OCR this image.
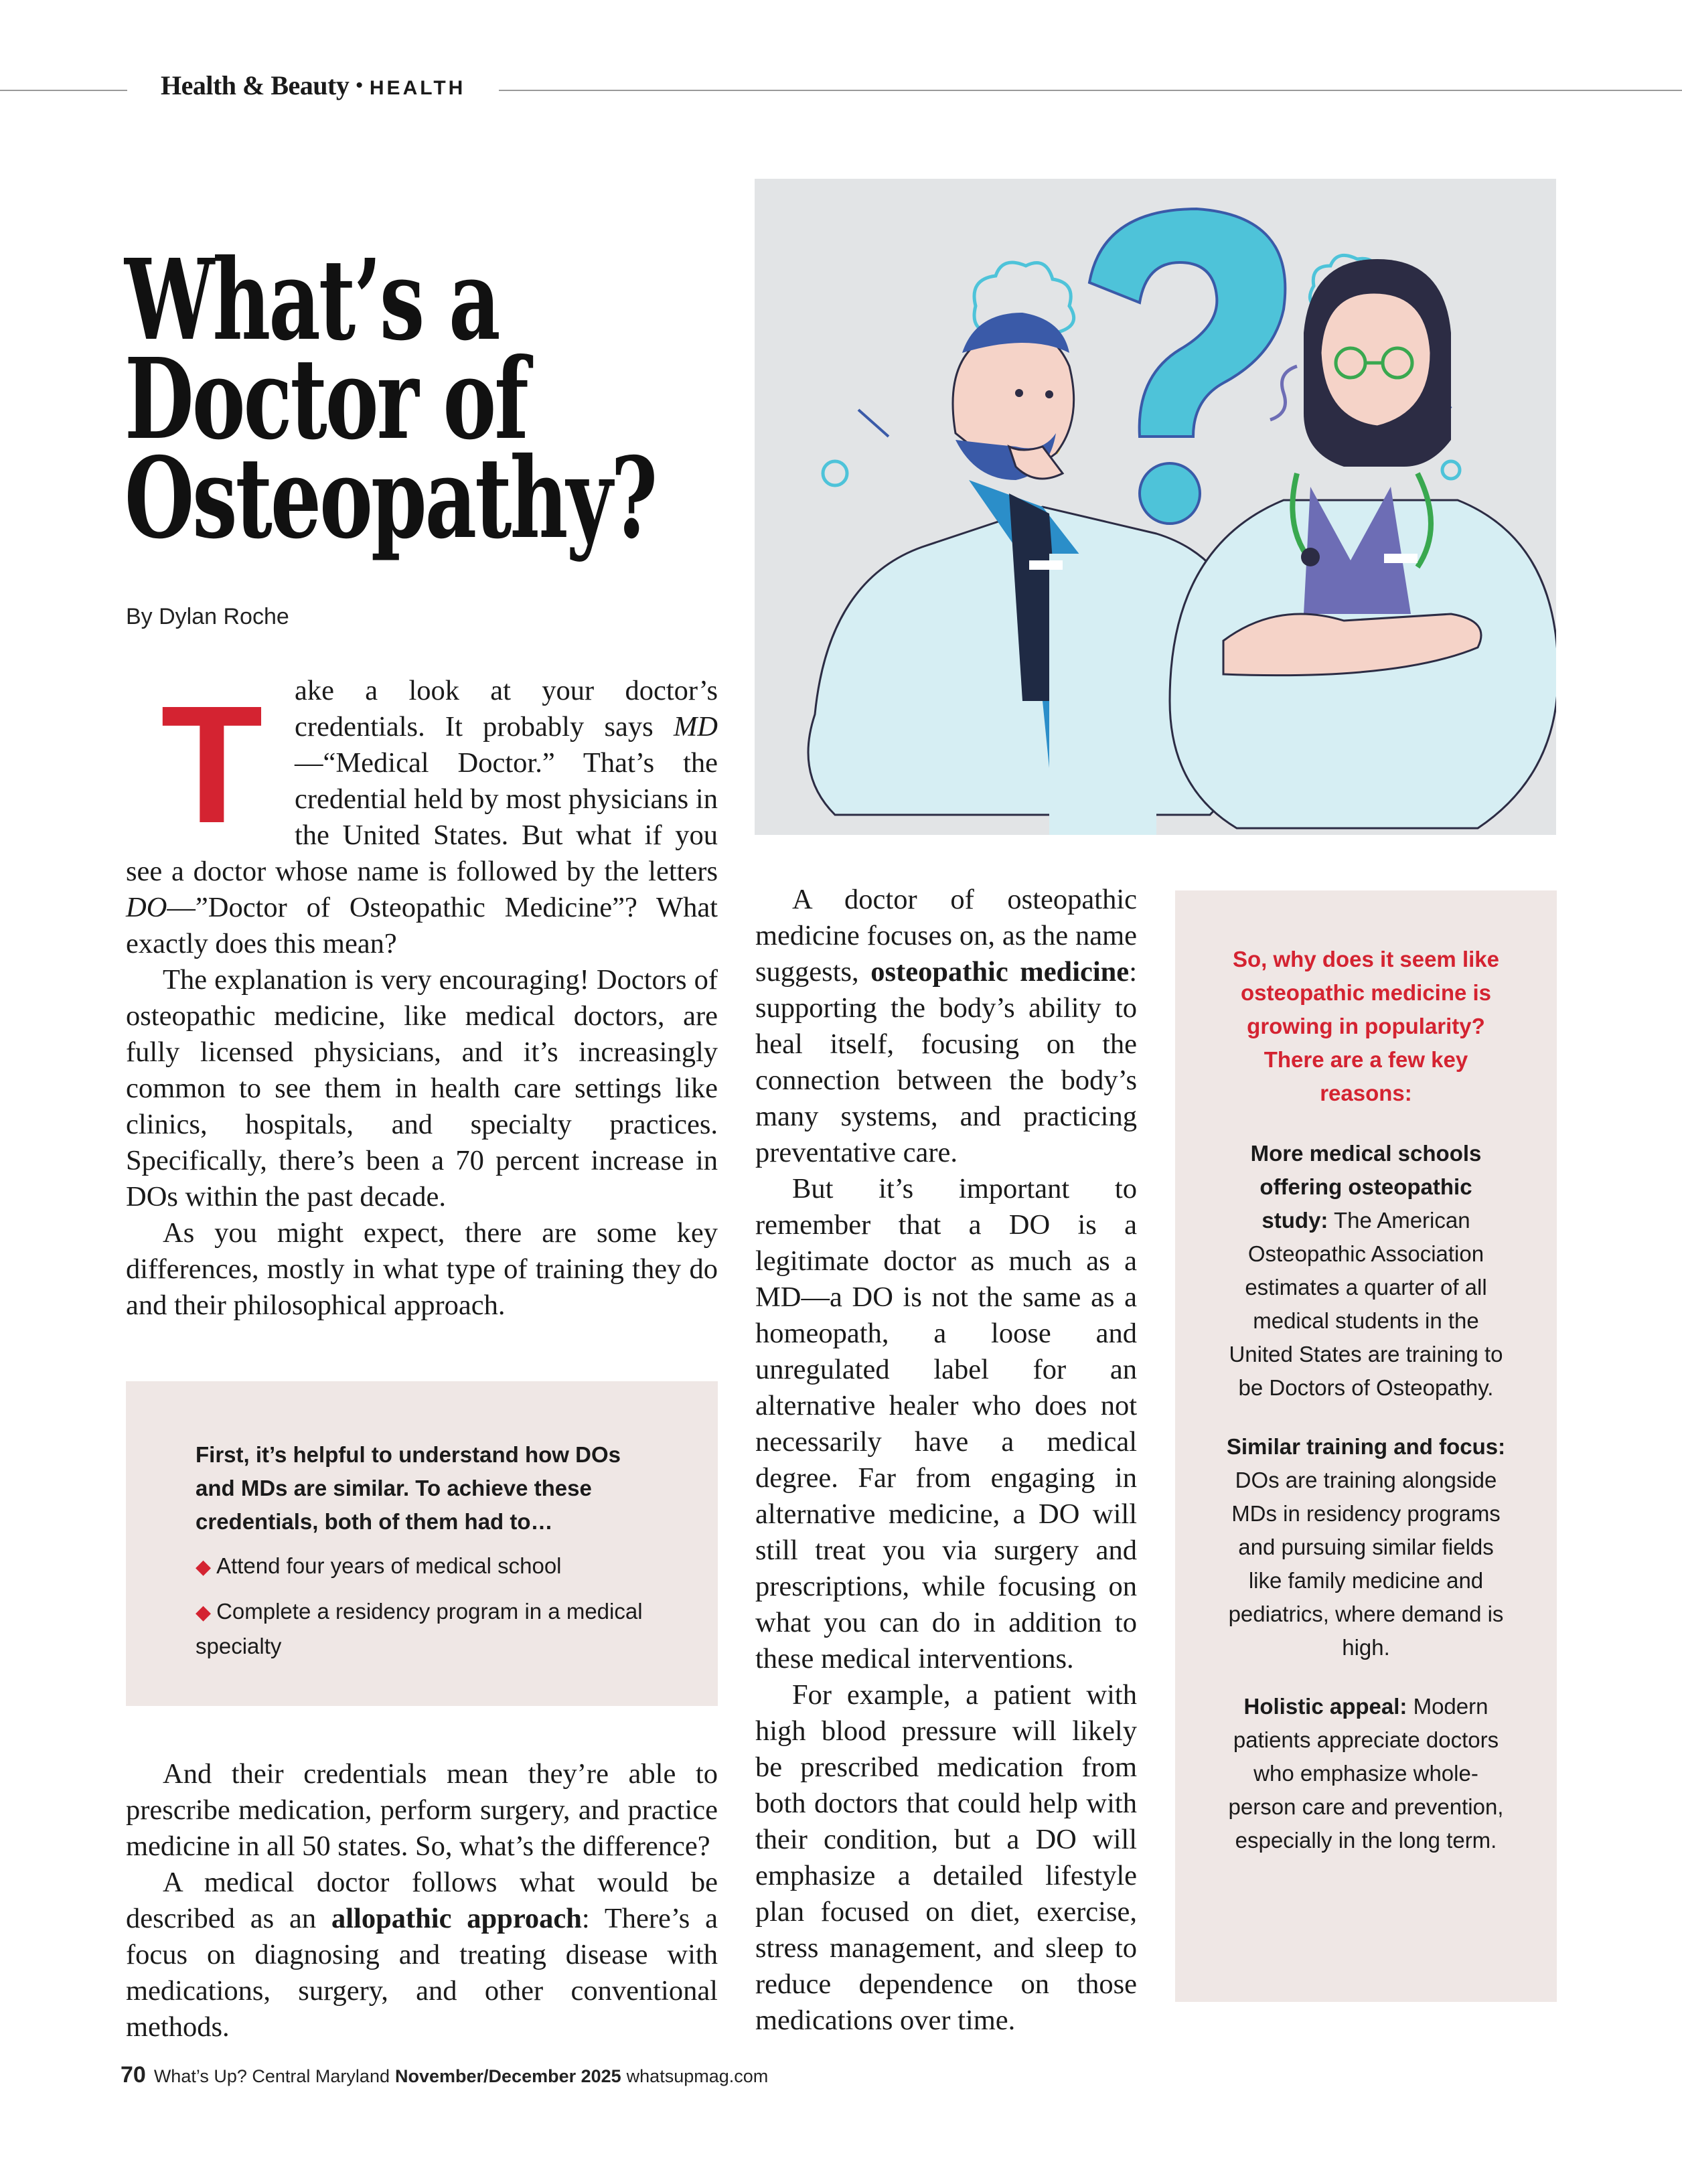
Health & Beauty • HEALTH
What’s a
Doctor of
Osteopathy?
By Dylan Roche
T	ake a look at your doctor’s credentials. It probably says MD—“Medical Doctor.” That’s the credential held by most physicians in the United States. But what if you see a doctor whose name is followed by the letters DO—”Doctor of Osteopathic Medicine”? What exactly does this mean?

The explanation is very encouraging! Doctors of osteopathic medicine, like medical doctors, are fully licensed physicians, and it’s increasingly common to see them in health care settings like clinics, hospitals, and specialty practices. Specifically, there’s been a 70 percent increase in DOs within the past decade.

As you might expect, there are some key differences, mostly in what type of training they do and their philosophical approach.

First, it’s helpful to understand how DOs and MDs are similar. To achieve these credentials, both of them had to…
◆ Attend four years of medical school
◆ Complete a residency program in a medical specialty

And their credentials mean they’re able to prescribe medication, perform surgery, and practice medicine in all 50 states. So, what’s the difference?

A medical doctor follows what would be described as an allopathic approach: There’s a focus on diagnosing and treating disease with medications, surgery, and other conventional methods.

A doctor of osteopathic medicine focuses on, as the name suggests, osteopathic medicine: supporting the body’s ability to heal itself, focusing on the connection between the body’s many systems, and practicing preventative care.

But it’s important to remember that a DO is a legitimate doctor as much as a MD—a DO is not the same as a homeopath, a loose and unregulated label for an alternative healer who does not necessarily have a medical degree. Far from engaging in alternative medicine, a DO will still treat you via surgery and prescriptions, while focusing on what you can do in addition to these medical interventions.

For example, a patient with high blood pressure will likely be prescribed medication from both doctors that could help with their condition, but a DO will emphasize a detailed lifestyle plan focused on diet, exercise, stress management, and sleep to reduce dependence on those medications over time.

So, why does it seem like osteopathic medicine is growing in popularity? There are a few key reasons:
More medical schools offering osteopathic study: The American Osteopathic Association estimates a quarter of all medical students in the United States are training to be Doctors of Osteopathy.
Similar training and focus: DOs are training alongside MDs in residency programs and pursuing similar fields like family medicine and pediatrics, where demand is high.
Holistic appeal: Modern patients appreciate doctors who emphasize whole-person care and prevention, especially in the long term.
70 What’s Up? Central Maryland November/December 2025 whatsupmag.com
